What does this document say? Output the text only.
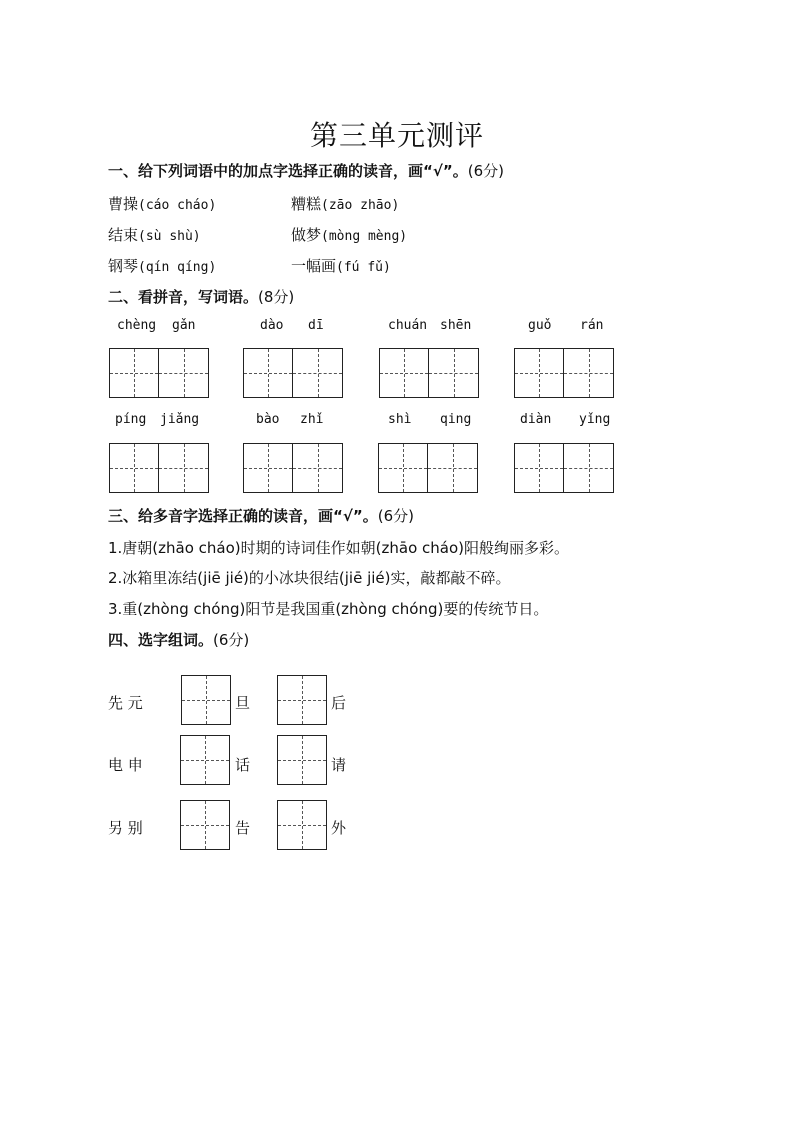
第三单元测评
一、给下列词语中的加点字选择正确的读音，画“√”。(6分)
曹操(cáo cháo)	糟糕(zāo zhāo)
结束(sù shù)	做梦(mòng mèng)
钢琴(qín qíng)	一幅画(fú fǔ)
二、看拼音，写词语。(8分)
chèng gǎn	dào dī	chuán shēn	guǒ rán
píng jiǎng	bào zhǐ	shì qing	diàn yǐng
三、给多音字选择正确的读音，画“√”。(6分)
1.唐朝(zhāo cháo)时期的诗词佳作如朝(zhāo cháo)阳般绚丽多彩。
2.冰箱里冻结(jiē jié)的小冰块很结(jiē jié)实，敲都敲不碎。
3.重(zhòng chóng)阳节是我国重(zhòng chóng)要的传统节日。
四、选字组词。(6分)
先 元	旦	后
电 申	话	请
另 别	告	外
